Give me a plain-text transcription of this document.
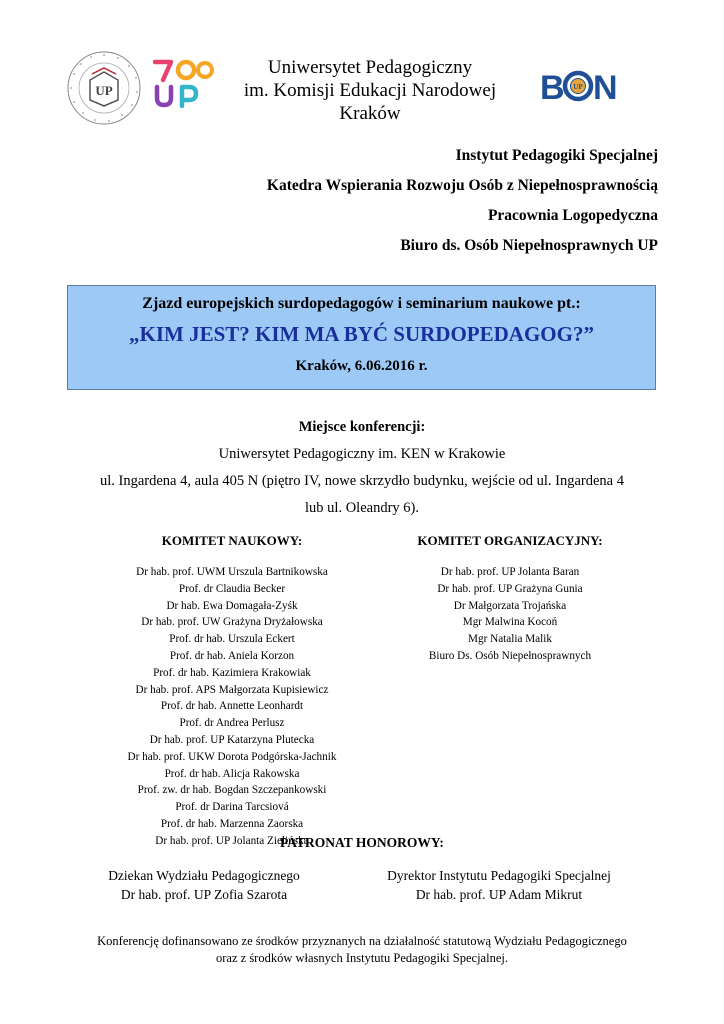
UP
Uniwersytet Pedagogiczny
im. Komisji Edukacji Narodowej
Kraków
B UP N
Instytut Pedagogiki Specjalnej
Katedra Wspierania Rozwoju Osób z Niepełnosprawnością
Pracownia Logopedyczna
Biuro ds. Osób Niepełnosprawnych UP
Zjazd europejskich surdopedagogów i seminarium naukowe pt.:
„KIM JEST? KIM MA BYĆ SURDOPEDAGOG?”
Kraków, 6.06.2016 r.
Miejsce konferencji:
Uniwersytet Pedagogiczny im. KEN w Krakowie
ul. Ingardena 4, aula 405 N (piętro IV, nowe skrzydło budynku, wejście od ul. Ingardena 4
lub ul. Oleandry 6).
KOMITET NAUKOWY:
Dr hab. prof. UWM Urszula Bartnikowska
Prof. dr Claudia Becker
Dr hab. Ewa Domagała-Zyśk
Dr hab. prof. UW Grażyna Dryżałowska
Prof. dr hab. Urszula Eckert
Prof. dr hab. Aniela Korzon
Prof. dr hab. Kazimiera Krakowiak
Dr hab. prof. APS Małgorzata Kupisiewicz
Prof. dr hab. Annette Leonhardt
Prof. dr Andrea Perlusz
Dr hab. prof. UP Katarzyna Plutecka
Dr hab. prof. UKW Dorota Podgórska-Jachnik
Prof. dr hab. Alicja Rakowska
Prof. zw. dr hab. Bogdan Szczepankowski
Prof. dr Darina Tarcsiová
Prof. dr hab. Marzenna Zaorska
Dr hab. prof. UP Jolanta Zielińska
KOMITET ORGANIZACYJNY:
Dr hab. prof. UP Jolanta Baran
Dr hab. prof. UP Grażyna Gunia
Dr Małgorzata Trojańska
Mgr Malwina Kocoń
Mgr Natalia Malik
Biuro Ds. Osób Niepełnosprawnych
PATRONAT HONOROWY:
Dziekan Wydziału Pedagogicznego
Dr hab. prof. UP Zofia Szarota
Dyrektor Instytutu Pedagogiki Specjalnej
Dr hab. prof. UP Adam Mikrut
Konferencję dofinansowano ze środków przyznanych na działalność statutową Wydziału Pedagogicznego
oraz z środków własnych Instytutu Pedagogiki Specjalnej.
